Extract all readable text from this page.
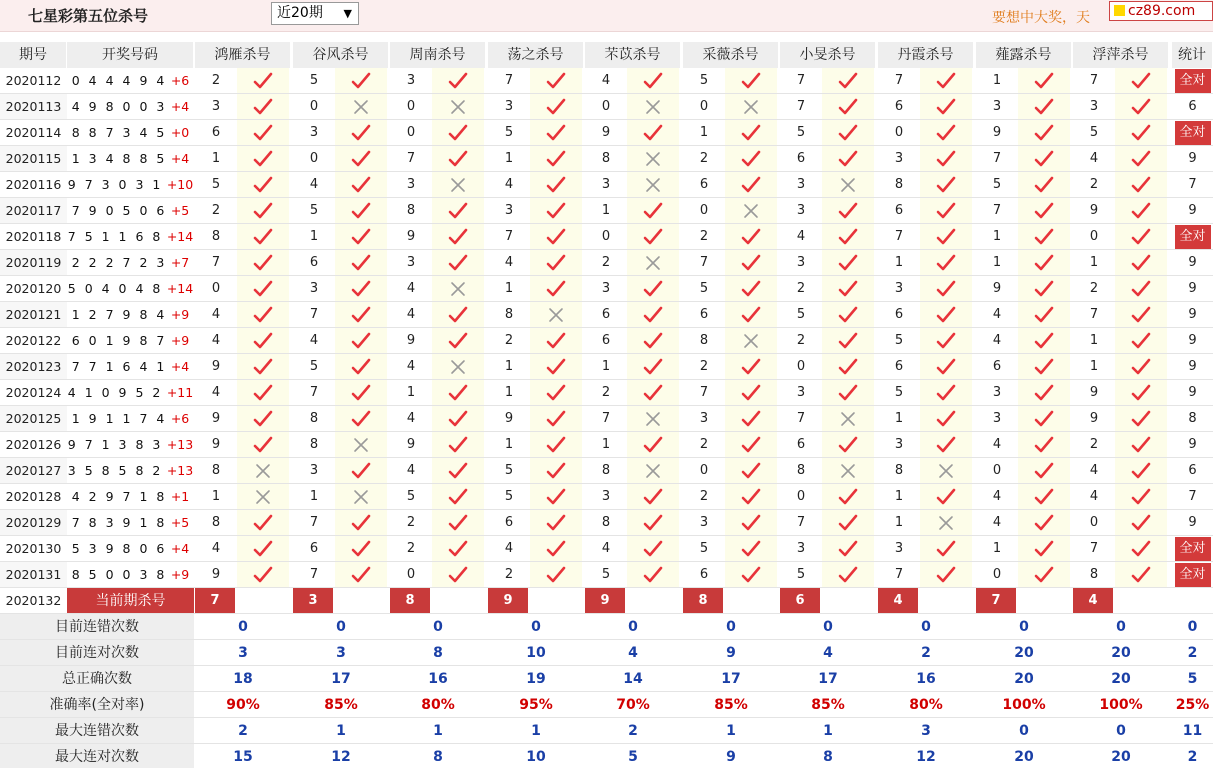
七星彩第五位杀号	近20期 ▼	要想中大奖，天	cz89.com
期号	开奖号码	鸿雁杀号	谷风杀号	周南杀号	荡之杀号	芣苡杀号	采薇杀号	小旻杀号	丹霞杀号	薤露杀号	浮萍杀号	统计
2020112 0 4 4 4 9 4 +6	2	5	3	7	4	5	7	7	1	7	全对
2020113 4 9 8 0 0 3 +4	3	0	0	3	0	0	7	6	3	3	6
2020114 8 8 7 3 4 5 +0	6	3	0	5	9	1	5	0	9	5	全对
2020115 1 3 4 8 8 5 +4	1	0	7	1	8	2	6	3	7	4	9
2020116 9 7 3 0 3 1 +10	5	4	3	4	3	6	3	8	5	2	7
2020117 7 9 0 5 0 6 +5	2	5	8	3	1	0	3	6	7	9	9
2020118 7 5 1 1 6 8 +14	8	1	9	7	0	2	4	7	1	0	全对
2020119 2 2 2 7 2 3 +7	7	6	3	4	2	7	3	1	1	1	9
2020120 5 0 4 0 4 8 +14	0	3	4	1	3	5	2	3	9	2	9
2020121 1 2 7 9 8 4 +9	4	7	4	8	6	6	5	6	4	7	9
2020122 6 0 1 9 8 7 +9	4	4	9	2	6	8	2	5	4	1	9
2020123 7 7 1 6 4 1 +4	9	5	4	1	1	2	0	6	6	1	9
2020124 4 1 0 9 5 2 +11	4	7	1	1	2	7	3	5	3	9	9
2020125 1 9 1 1 7 4 +6	9	8	4	9	7	3	7	1	3	9	8
2020126 9 7 1 3 8 3 +13	9	8	9	1	1	2	6	3	4	2	9
2020127 3 5 8 5 8 2 +13	8	3	4	5	8	0	8	8	0	4	6
2020128 4 2 9 7 1 8 +1	1	1	5	5	3	2	0	1	4	4	7
2020129 7 8 3 9 1 8 +5	8	7	2	6	8	3	7	1	4	0	9
2020130 5 3 9 8 0 6 +4	4	6	2	4	4	5	3	3	1	7	全对
2020131 8 5 0 0 3 8 +9	9	7	0	2	5	6	5	7	0	8	全对
2020132	当前期杀号	7	3	8	9	9	8	6	4	7	4
目前连错次数	0	0	0	0	0	0	0	0	0	0	0
目前连对次数	3	3	8	10	4	9	4	2	20	20	2
总正确次数	18	17	16	19	14	17	17	16	20	20	5
准确率(全对率)	90%	85%	80%	95%	70%	85%	85%	80%	100%	100%	25%
最大连错次数	2	1	1	1	2	1	1	3	0	0	11
最大连对次数	15	12	8	10	5	9	8	12	20	20	2
